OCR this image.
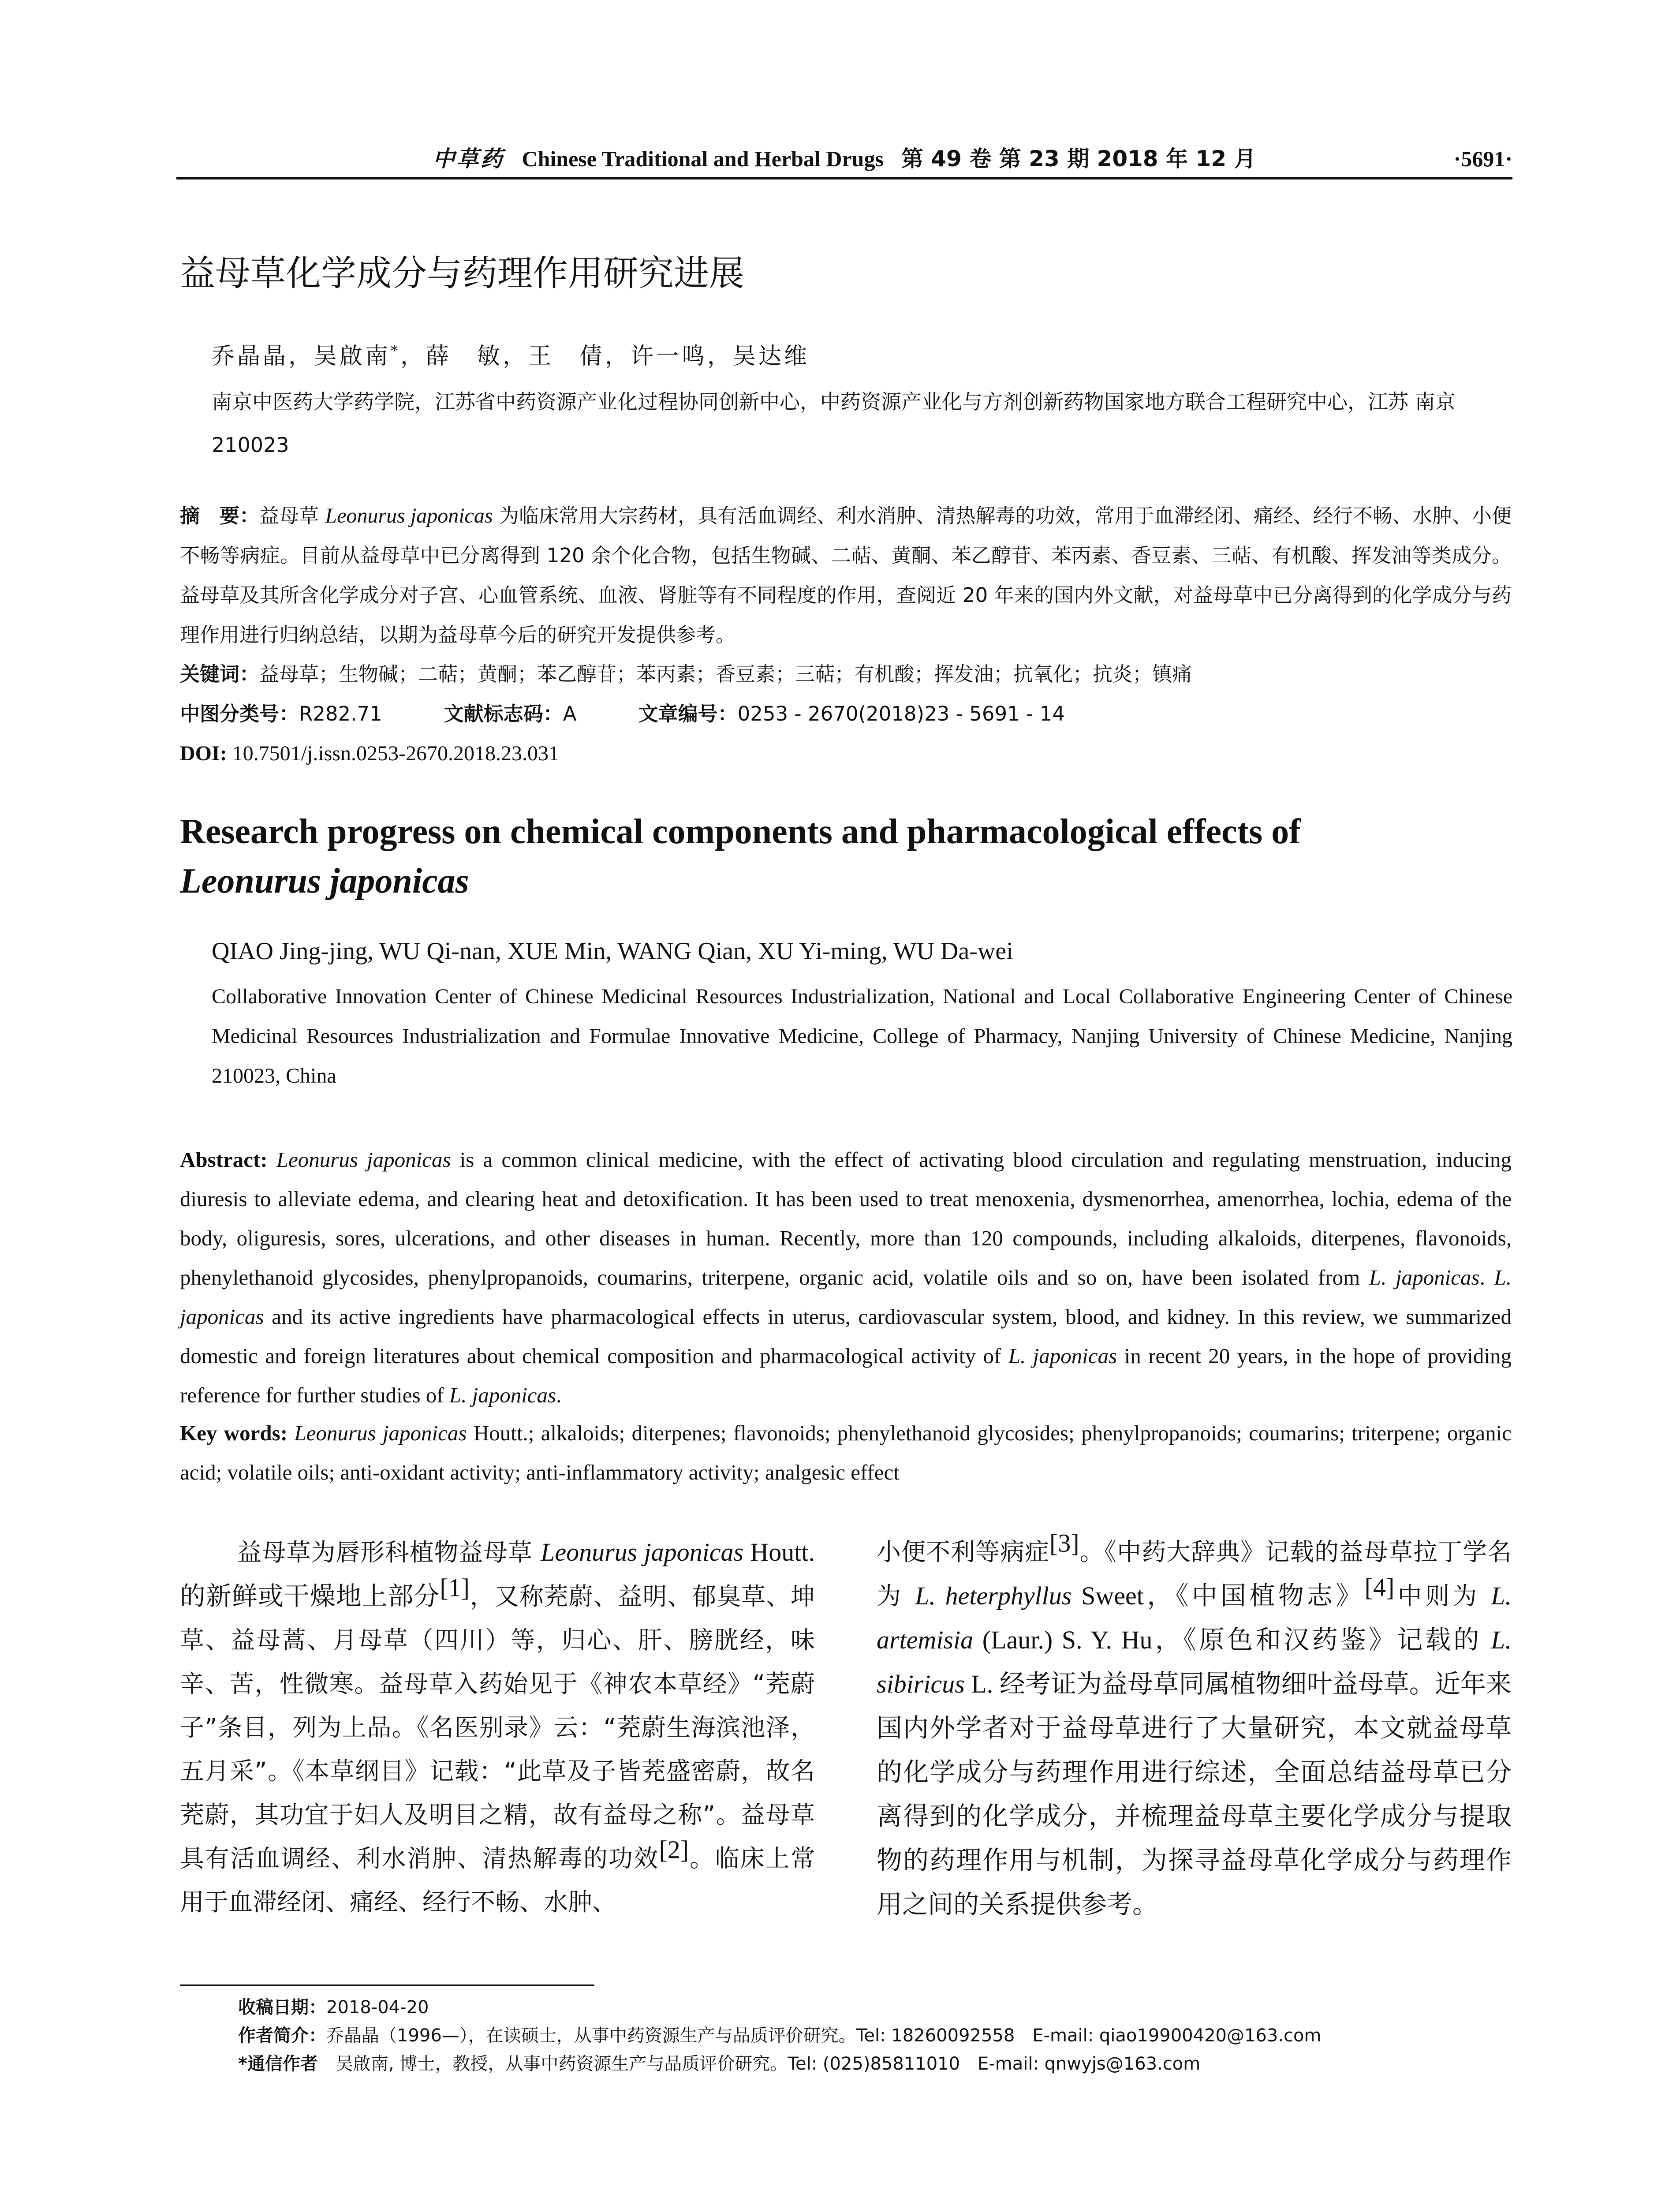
中草药 Chinese Traditional and Herbal Drugs 第 49 卷 第 23 期 2018 年 12 月	·5691·
益母草化学成分与药理作用研究进展
乔晶晶，吴啟南*，薛　敏，王　倩，许一鸣，吴达维
南京中医药大学药学院，江苏省中药资源产业化过程协同创新中心，中药资源产业化与方剂创新药物国家地方联合工程研究中心，江苏 南京　210023
摘　要：益母草 Leonurus japonicas 为临床常用大宗药材，具有活血调经、利水消肿、清热解毒的功效，常用于血滞经闭、痛经、经行不畅、水肿、小便不畅等病症。目前从益母草中已分离得到 120 余个化合物，包括生物碱、二萜、黄酮、苯乙醇苷、苯丙素、香豆素、三萜、有机酸、挥发油等类成分。益母草及其所含化学成分对子宫、心血管系统、血液、肾脏等有不同程度的作用，查阅近 20 年来的国内外文献，对益母草中已分离得到的化学成分与药理作用进行归纳总结，以期为益母草今后的研究开发提供参考。
关键词：益母草；生物碱；二萜；黄酮；苯乙醇苷；苯丙素；香豆素；三萜；有机酸；挥发油；抗氧化；抗炎；镇痛
中图分类号：R282.71	文献标志码：A	文章编号：0253 - 2670(2018)23 - 5691 - 14
DOI: 10.7501/j.issn.0253-2670.2018.23.031
Research progress on chemical components and pharmacological effects of
Leonurus japonicas
QIAO Jing-jing, WU Qi-nan, XUE Min, WANG Qian, XU Yi-ming, WU Da-wei
Collaborative Innovation Center of Chinese Medicinal Resources Industrialization, National and Local Collaborative Engineering Center of Chinese Medicinal Resources Industrialization and Formulae Innovative Medicine, College of Pharmacy, Nanjing University of Chinese Medicine, Nanjing 210023, China
Abstract: Leonurus japonicas is a common clinical medicine, with the effect of activating blood circulation and regulating menstruation, inducing diuresis to alleviate edema, and clearing heat and detoxification. It has been used to treat menoxenia, dysmenorrhea, amenorrhea, lochia, edema of the body, oliguresis, sores, ulcerations, and other diseases in human. Recently, more than 120 compounds, including alkaloids, diterpenes, flavonoids, phenylethanoid glycosides, phenylpropanoids, coumarins, triterpene, organic acid, volatile oils and so on, have been isolated from L. japonicas. L. japonicas and its active ingredients have pharmacological effects in uterus, cardiovascular system, blood, and kidney. In this review, we summarized domestic and foreign literatures about chemical composition and pharmacological activity of L. japonicas in recent 20 years, in the hope of providing reference for further studies of L. japonicas.
Key words: Leonurus japonicas Houtt.; alkaloids; diterpenes; flavonoids; phenylethanoid glycosides; phenylpropanoids; coumarins; triterpene; organic acid; volatile oils; anti-oxidant activity; anti-inflammatory activity; analgesic effect
益母草为唇形科植物益母草 Leonurus japonicas Houtt. 的新鲜或干燥地上部分[1]，又称茺蔚、益明、郁臭草、坤草、益母蒿、月母草（四川）等，归心、肝、膀胱经，味辛、苦，性微寒。益母草入药始见于《神农本草经》“茺蔚子”条目，列为上品。《名医别录》云：“茺蔚生海滨池泽，五月采”。《本草纲目》记载：“此草及子皆茺盛密蔚，故名茺蔚，其功宜于妇人及明目之精，故有益母之称”。益母草具有活血调经、利水消肿、清热解毒的功效[2]。临床上常用于血滞经闭、痛经、经行不畅、水肿、
小便不利等病症[3]。《中药大辞典》记载的益母草拉丁学名为 L. heterphyllus Sweet，《中国植物志》[4]中则为 L. artemisia (Laur.) S. Y. Hu，《原色和汉药鉴》记载的 L. sibiricus L. 经考证为益母草同属植物细叶益母草。近年来国内外学者对于益母草进行了大量研究，本文就益母草的化学成分与药理作用进行综述，全面总结益母草已分离得到的化学成分，并梳理益母草主要化学成分与提取物的药理作用与机制，为探寻益母草化学成分与药理作用之间的关系提供参考。
收稿日期：2018-04-20
作者简介：乔晶晶（1996—），在读硕士，从事中药资源生产与品质评价研究。Tel: 18260092558　E-mail: qiao19900420@163.com
*通信作者　吴啟南, 博士，教授，从事中药资源生产与品质评价研究。Tel: (025)85811010　E-mail: qnwyjs@163.com
